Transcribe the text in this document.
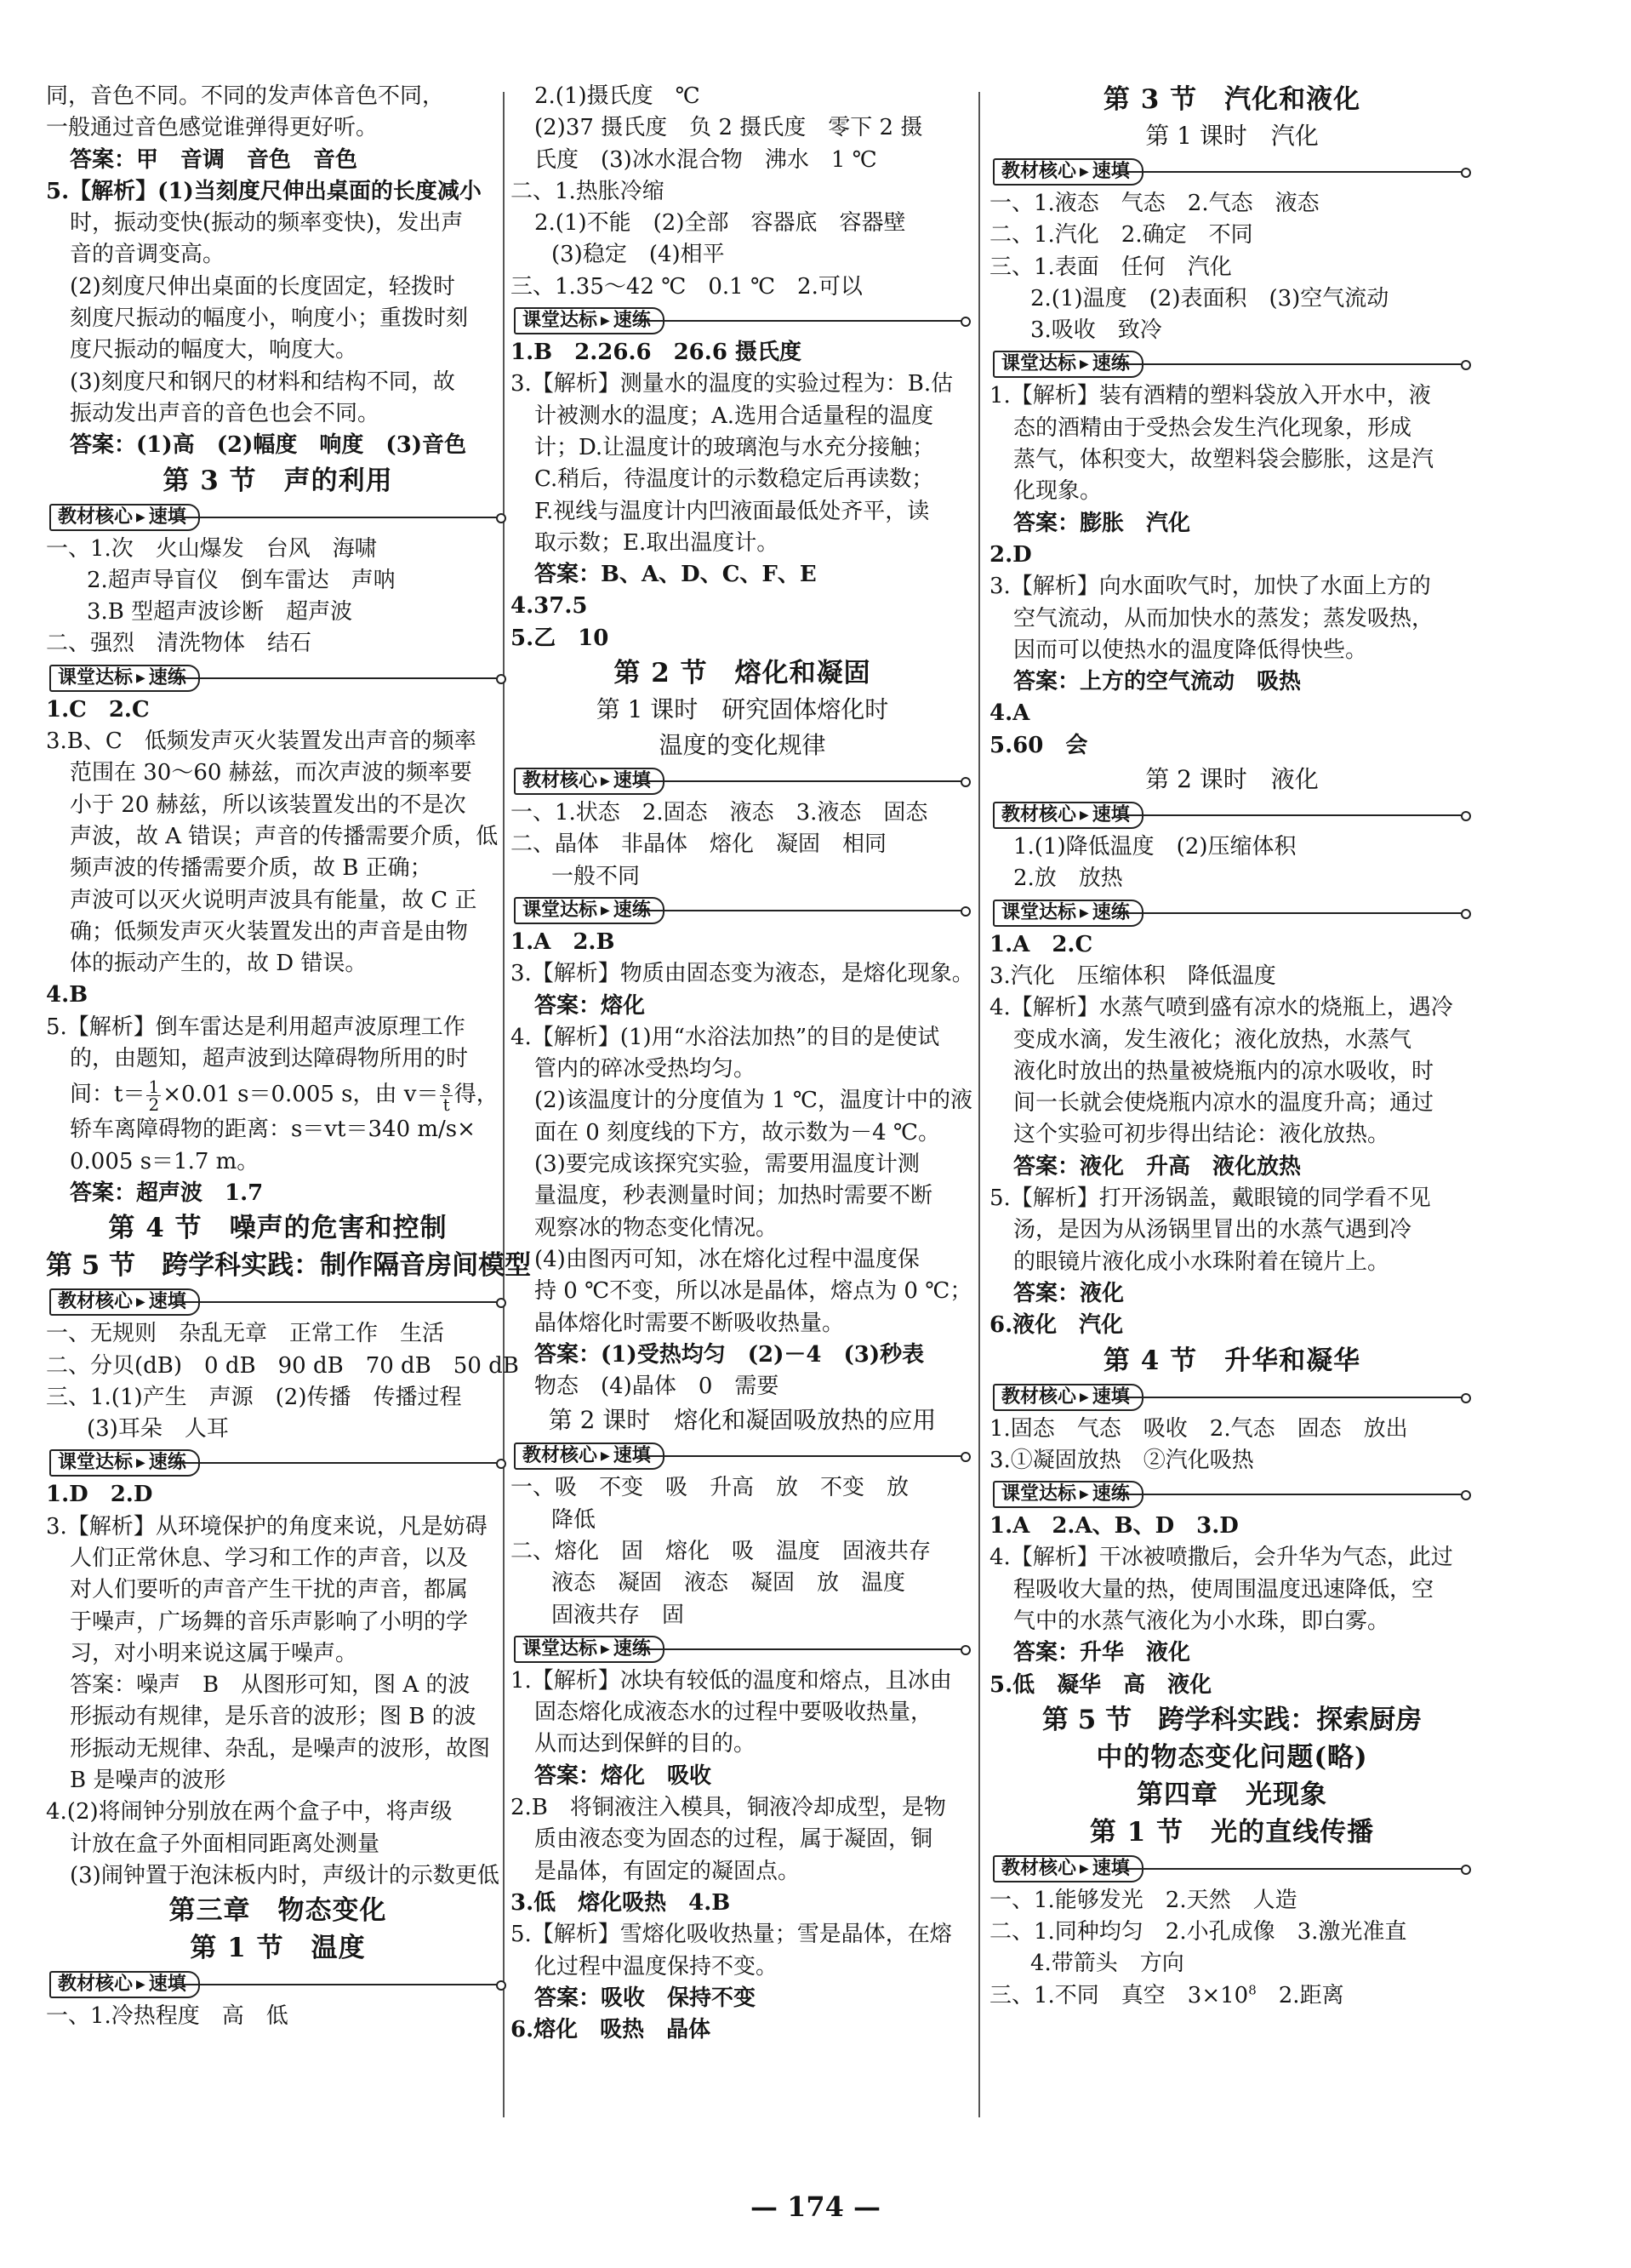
同，音色不同。不同的发声体音色不同，
一般通过音色感觉谁弹得更好听。
答案：甲　音调　音色　音色
5.【解析】(1)当刻度尺伸出桌面的长度减小
时，振动变快(振动的频率变快)，发出声
音的音调变高。
(2)刻度尺伸出桌面的长度固定，轻拨时
刻度尺振动的幅度小，响度小；重拨时刻
度尺振动的幅度大，响度大。
(3)刻度尺和钢尺的材料和结构不同，故
振动发出声音的音色也会不同。
答案：(1)高　(2)幅度　响度　(3)音色
第 3 节　声的利用
教材核心 ▶ 速填
一、1.次　火山爆发　台风　海啸
2.超声导盲仪　倒车雷达　声呐
3.B 型超声波诊断　超声波
二、强烈　清洗物体　结石
课堂达标 ▶ 速练
1.C　2.C
3.B、C　低频发声灭火装置发出声音的频率
范围在 30～60 赫兹，而次声波的频率要
小于 20 赫兹，所以该装置发出的不是次
声波，故 A 错误；声音的传播需要介质，低
频声波的传播需要介质，故 B 正确；
声波可以灭火说明声波具有能量，故 C 正
确；低频发声灭火装置发出的声音是由物
体的振动产生的，故 D 错误。
4.B
5.【解析】倒车雷达是利用超声波原理工作
的，由题知，超声波到达障碍物所用的时
间：$t= \frac{1}{2} \times 0.01$ s＝0.005 s，由 $v= \frac{s}{t}$ 得，
轿车离障碍物的距离：s＝vt＝340 m/s×
0.005 s＝1.7 m。
答案：超声波　1.7
第 4 节　噪声的危害和控制
第 5 节　跨学科实践：制作隔音房间模型
教材核心 ▶ 速填
一、无规则　杂乱无章　正常工作　生活
二、分贝(dB)　0 dB　90 dB　70 dB　50 dB
三、1.(1)产生　声源　(2)传播　传播过程
(3)耳朵　人耳
课堂达标 ▶ 速练
1.D　2.D
3.【解析】从环境保护的角度来说，凡是妨碍
人们正常休息、学习和工作的声音，以及
对人们要听的声音产生干扰的声音，都属
于噪声，广场舞的音乐声影响了小明的学
习，对小明来说这属于噪声。
答案：噪声　B　从图形可知，图 A 的波
形振动有规律，是乐音的波形；图 B 的波
形振动无规律、杂乱，是噪声的波形，故图
B 是噪声的波形
4.(2)将闹钟分别放在两个盒子中，将声级
计放在盒子外面相同距离处测量
(3)闹钟置于泡沫板内时，声级计的示数更低
第三章　物态变化
第 1 节　温度
教材核心 ▶ 速填
一、1.冷热程度　高　低
2.(1)摄氏度　℃
(2)37 摄氏度　负 2 摄氏度　零下 2 摄
氏度　(3)冰水混合物　沸水　1 ℃
二、1.热胀冷缩
2.(1)不能　(2)全部　容器底　容器壁
(3)稳定　(4)相平
三、1.35～42 ℃　0.1 ℃　2.可以
课堂达标 ▶ 速练
1.B　2.26.6　26.6 摄氏度
3.【解析】测量水的温度的实验过程为：B.估
计被测水的温度；A.选用合适量程的温度
计；D.让温度计的玻璃泡与水充分接触；
C.稍后，待温度计的示数稳定后再读数；
F.视线与温度计内凹液面最低处齐平，读
取示数；E.取出温度计。
答案：B、A、D、C、F、E
4.37.5
5.乙　10
第 2 节　熔化和凝固
第 1 课时　研究固体熔化时
温度的变化规律
教材核心 ▶ 速填
一、1.状态　2.固态　液态　3.液态　固态
二、晶体　非晶体　熔化　凝固　相同
一般不同
课堂达标 ▶ 速练
1.A　2.B
3.【解析】物质由固态变为液态，是熔化现象。
答案：熔化
4.【解析】(1)用“水浴法加热”的目的是使试
管内的碎冰受热均匀。
(2)该温度计的分度值为 1 ℃，温度计中的液
面在 0 刻度线的下方，故示数为－4 ℃。
(3)要完成该探究实验，需要用温度计测
量温度，秒表测量时间；加热时需要不断
观察冰的物态变化情况。
(4)由图丙可知，冰在熔化过程中温度保
持 0 ℃不变，所以冰是晶体，熔点为 0 ℃；
晶体熔化时需要不断吸收热量。
答案：(1)受热均匀　(2)－4　(3)秒表
物态　(4)晶体　0　需要
第 2 课时　熔化和凝固吸放热的应用
教材核心 ▶ 速填
一、吸　不变　吸　升高　放　不变　放
降低
二、熔化　固　熔化　吸　温度　固液共存
液态　凝固　液态　凝固　放　温度
固液共存　固
课堂达标 ▶ 速练
1.【解析】冰块有较低的温度和熔点，且冰由
固态熔化成液态水的过程中要吸收热量，
从而达到保鲜的目的。
答案：熔化　吸收
2.B　将铜液注入模具，铜液冷却成型，是物
质由液态变为固态的过程，属于凝固，铜
是晶体，有固定的凝固点。
3.低　熔化吸热　4.B
5.【解析】雪熔化吸收热量；雪是晶体，在熔
化过程中温度保持不变。
答案：吸收　保持不变
6.熔化　吸热　晶体
第 3 节　汽化和液化
第 1 课时　汽化
教材核心 ▶ 速填
一、1.液态　气态　2.气态　液态
二、1.汽化　2.确定　不同
三、1.表面　任何　汽化
2.(1)温度　(2)表面积　(3)空气流动
3.吸收　致冷
课堂达标 ▶ 速练
1.【解析】装有酒精的塑料袋放入开水中，液
态的酒精由于受热会发生汽化现象，形成
蒸气，体积变大，故塑料袋会膨胀，这是汽
化现象。
答案：膨胀　汽化
2.D
3.【解析】向水面吹气时，加快了水面上方的
空气流动，从而加快水的蒸发；蒸发吸热，
因而可以使热水的温度降低得快些。
答案：上方的空气流动　吸热
4.A
5.60　会
第 2 课时　液化
教材核心 ▶ 速填
1.(1)降低温度　(2)压缩体积
2.放　放热
课堂达标 ▶ 速练
1.A　2.C
3.汽化　压缩体积　降低温度
4.【解析】水蒸气喷到盛有凉水的烧瓶上，遇冷
变成水滴，发生液化；液化放热，水蒸气
液化时放出的热量被烧瓶内的凉水吸收，时
间一长就会使烧瓶内凉水的温度升高；通过
这个实验可初步得出结论：液化放热。
答案：液化　升高　液化放热
5.【解析】打开汤锅盖，戴眼镜的同学看不见
汤，是因为从汤锅里冒出的水蒸气遇到冷
的眼镜片液化成小水珠附着在镜片上。
答案：液化
6.液化　汽化
第 4 节　升华和凝华
教材核心 ▶ 速填
1.固态　气态　吸收　2.气态　固态　放出
3.①凝固放热　②汽化吸热
课堂达标 ▶ 速练
1.A　2.A、B、D　3.D
4.【解析】干冰被喷撒后，会升华为气态，此过
程吸收大量的热，使周围温度迅速降低，空
气中的水蒸气液化为小水珠，即白雾。
答案：升华　液化
5.低　凝华　高　液化
第 5 节　跨学科实践：探索厨房
中的物态变化问题(略)
第四章　光现象
第 1 节　光的直线传播
教材核心 ▶ 速填
一、1.能够发光　2.天然　人造
二、1.同种均匀　2.小孔成像　3.激光准直
4.带箭头　方向
三、1.不同　真空　$3\times 10^8$　2.距离
— 174 —
